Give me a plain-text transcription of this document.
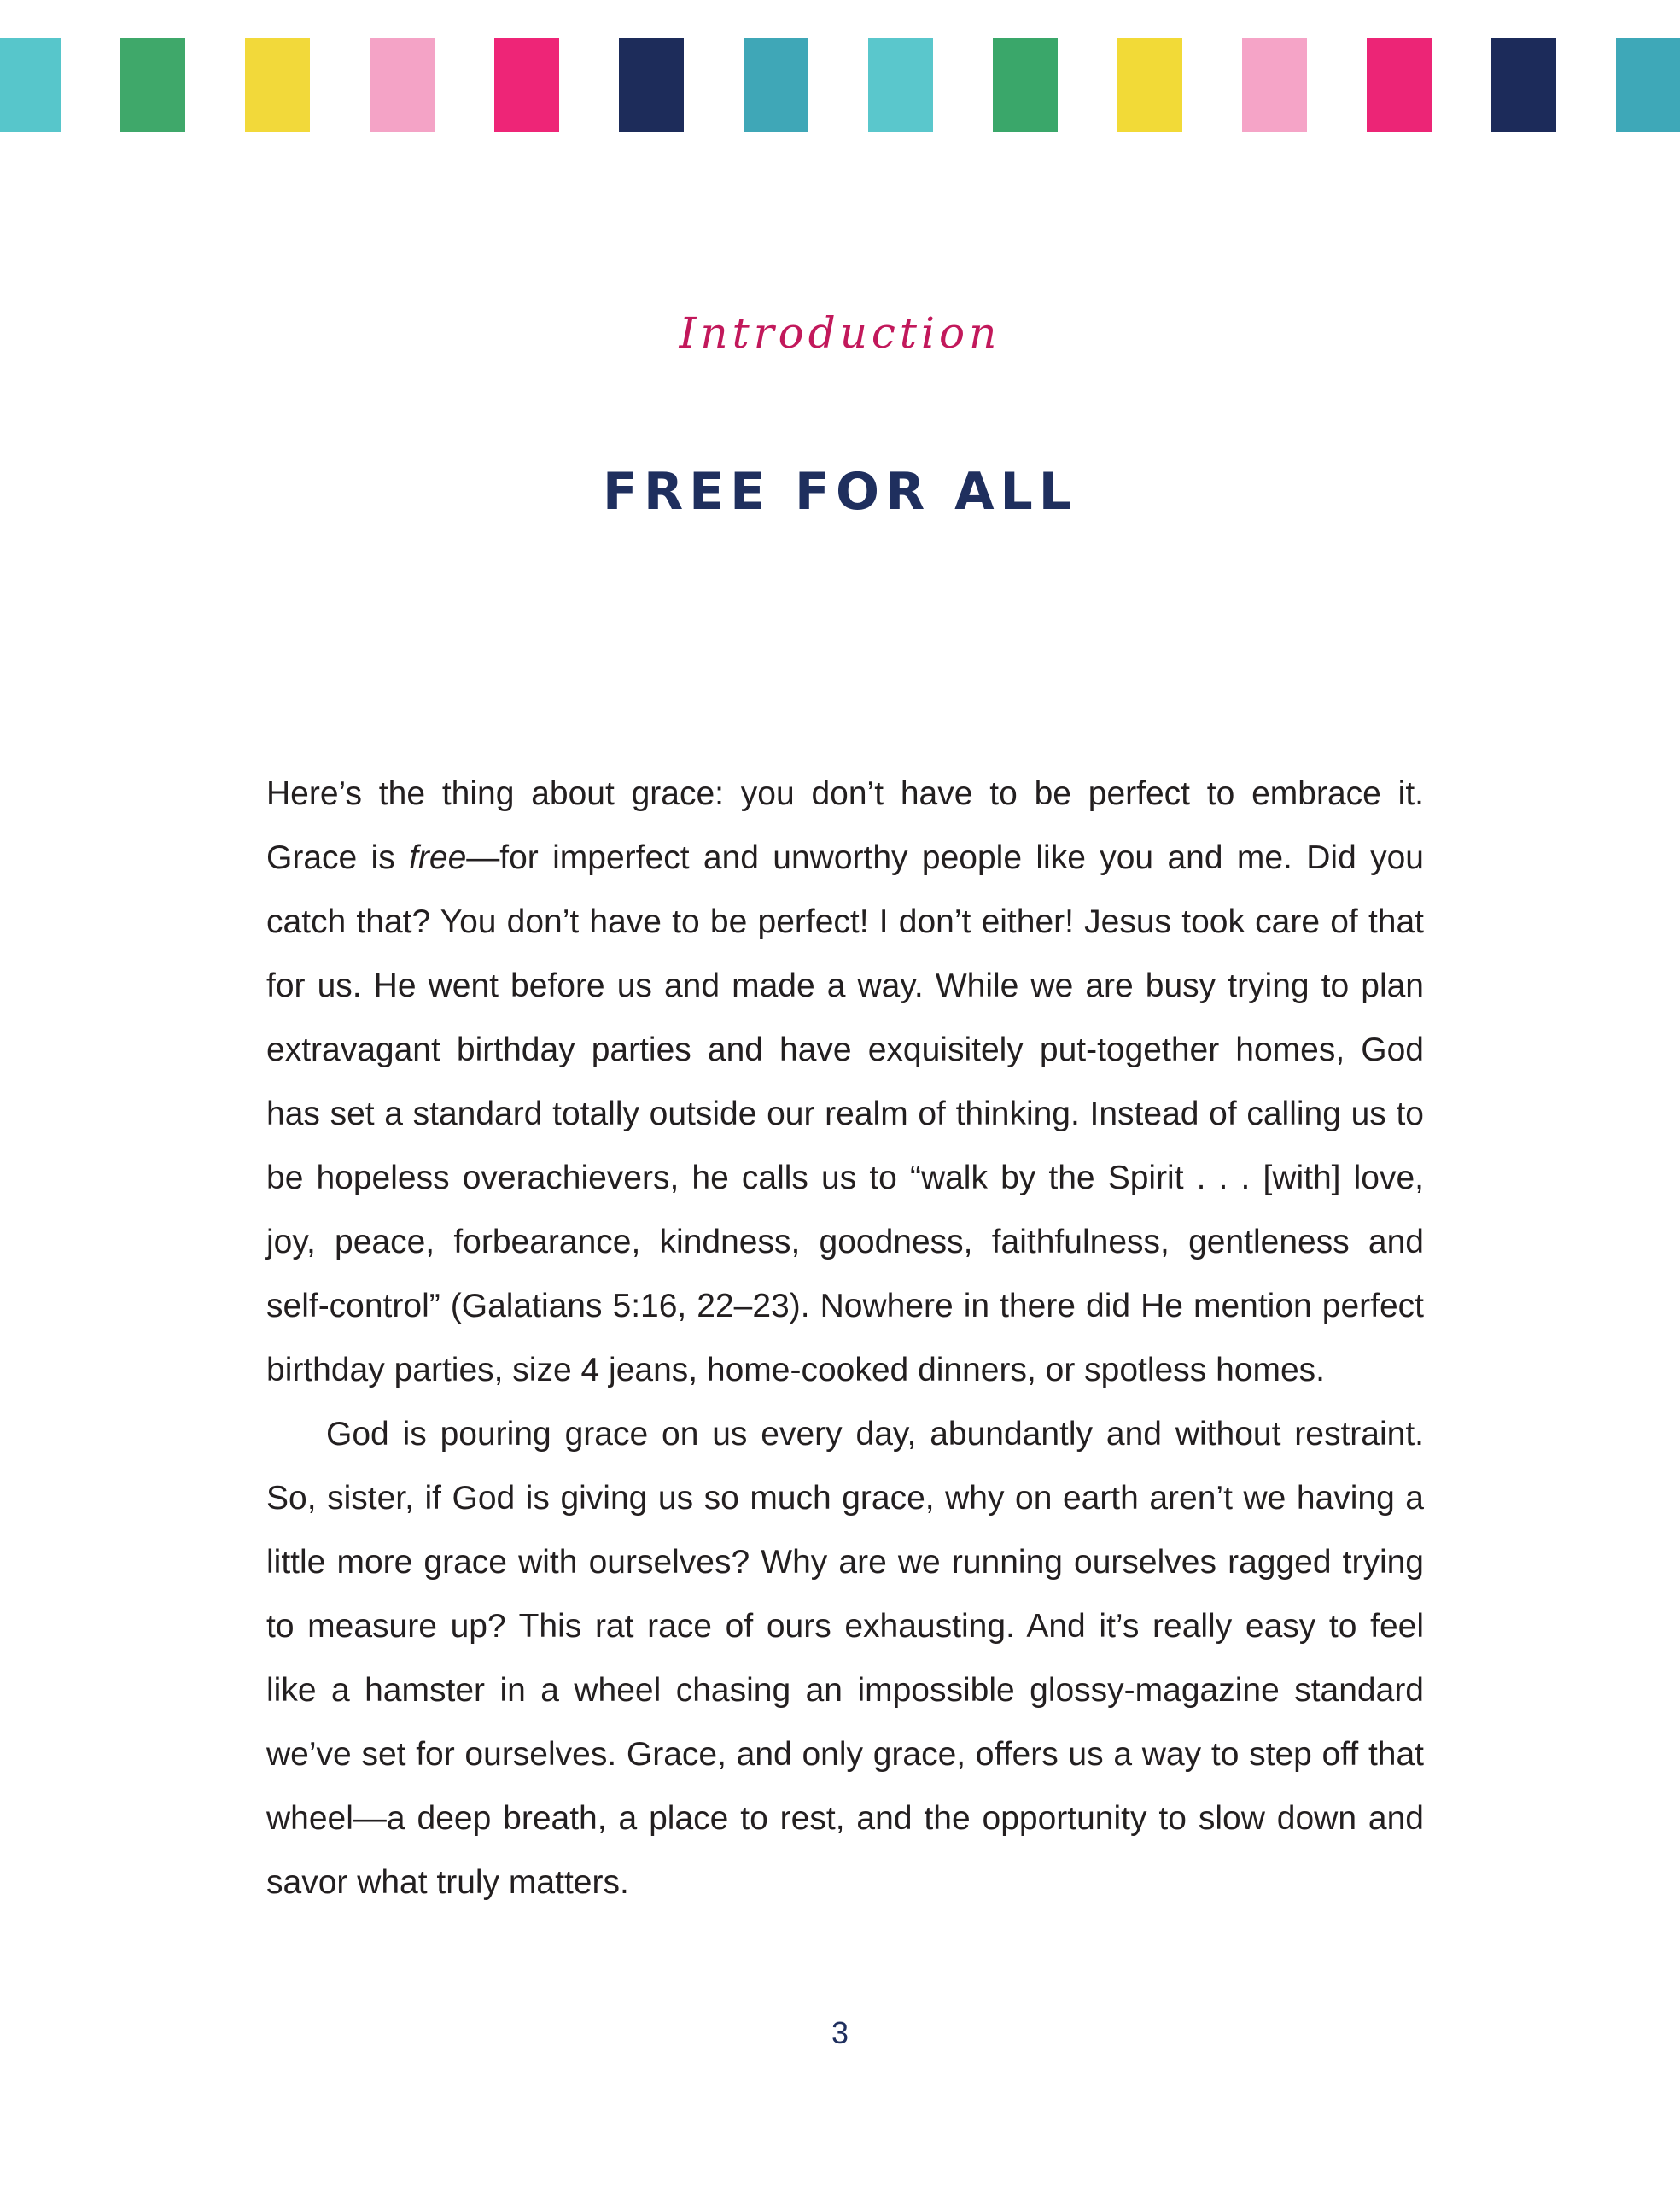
Introduction
FREE FOR ALL

Here’s the thing about grace: you don’t have to be perfect to embrace it. Grace is free—for imperfect and unworthy people like you and me. Did you catch that? You don’t have to be perfect! I don’t either! Jesus took care of that for us. He went before us and made a way. While we are busy trying to plan extravagant birthday parties and have exquisitely put-together homes, God has set a standard totally outside our realm of thinking. Instead of calling us to be hopeless overachievers, he calls us to “walk by the Spirit . . . [with] love, joy, peace, forbearance, kindness, goodness, faithfulness, gentleness and self-control” (Galatians 5:16, 22–23). Nowhere in there did He mention perfect birthday parties, size 4 jeans, home-cooked dinners, or spotless homes.

God is pouring grace on us every day, abundantly and without restraint. So, sister, if God is giving us so much grace, why on earth aren’t we having a little more grace with ourselves? Why are we running ourselves ragged trying to measure up? This rat race of ours exhausting. And it’s really easy to feel like a hamster in a wheel chasing an impossible glossy-magazine standard we’ve set for ourselves. Grace, and only grace, offers us a way to step off that wheel—a deep breath, a place to rest, and the opportunity to slow down and savor what truly matters.

3
